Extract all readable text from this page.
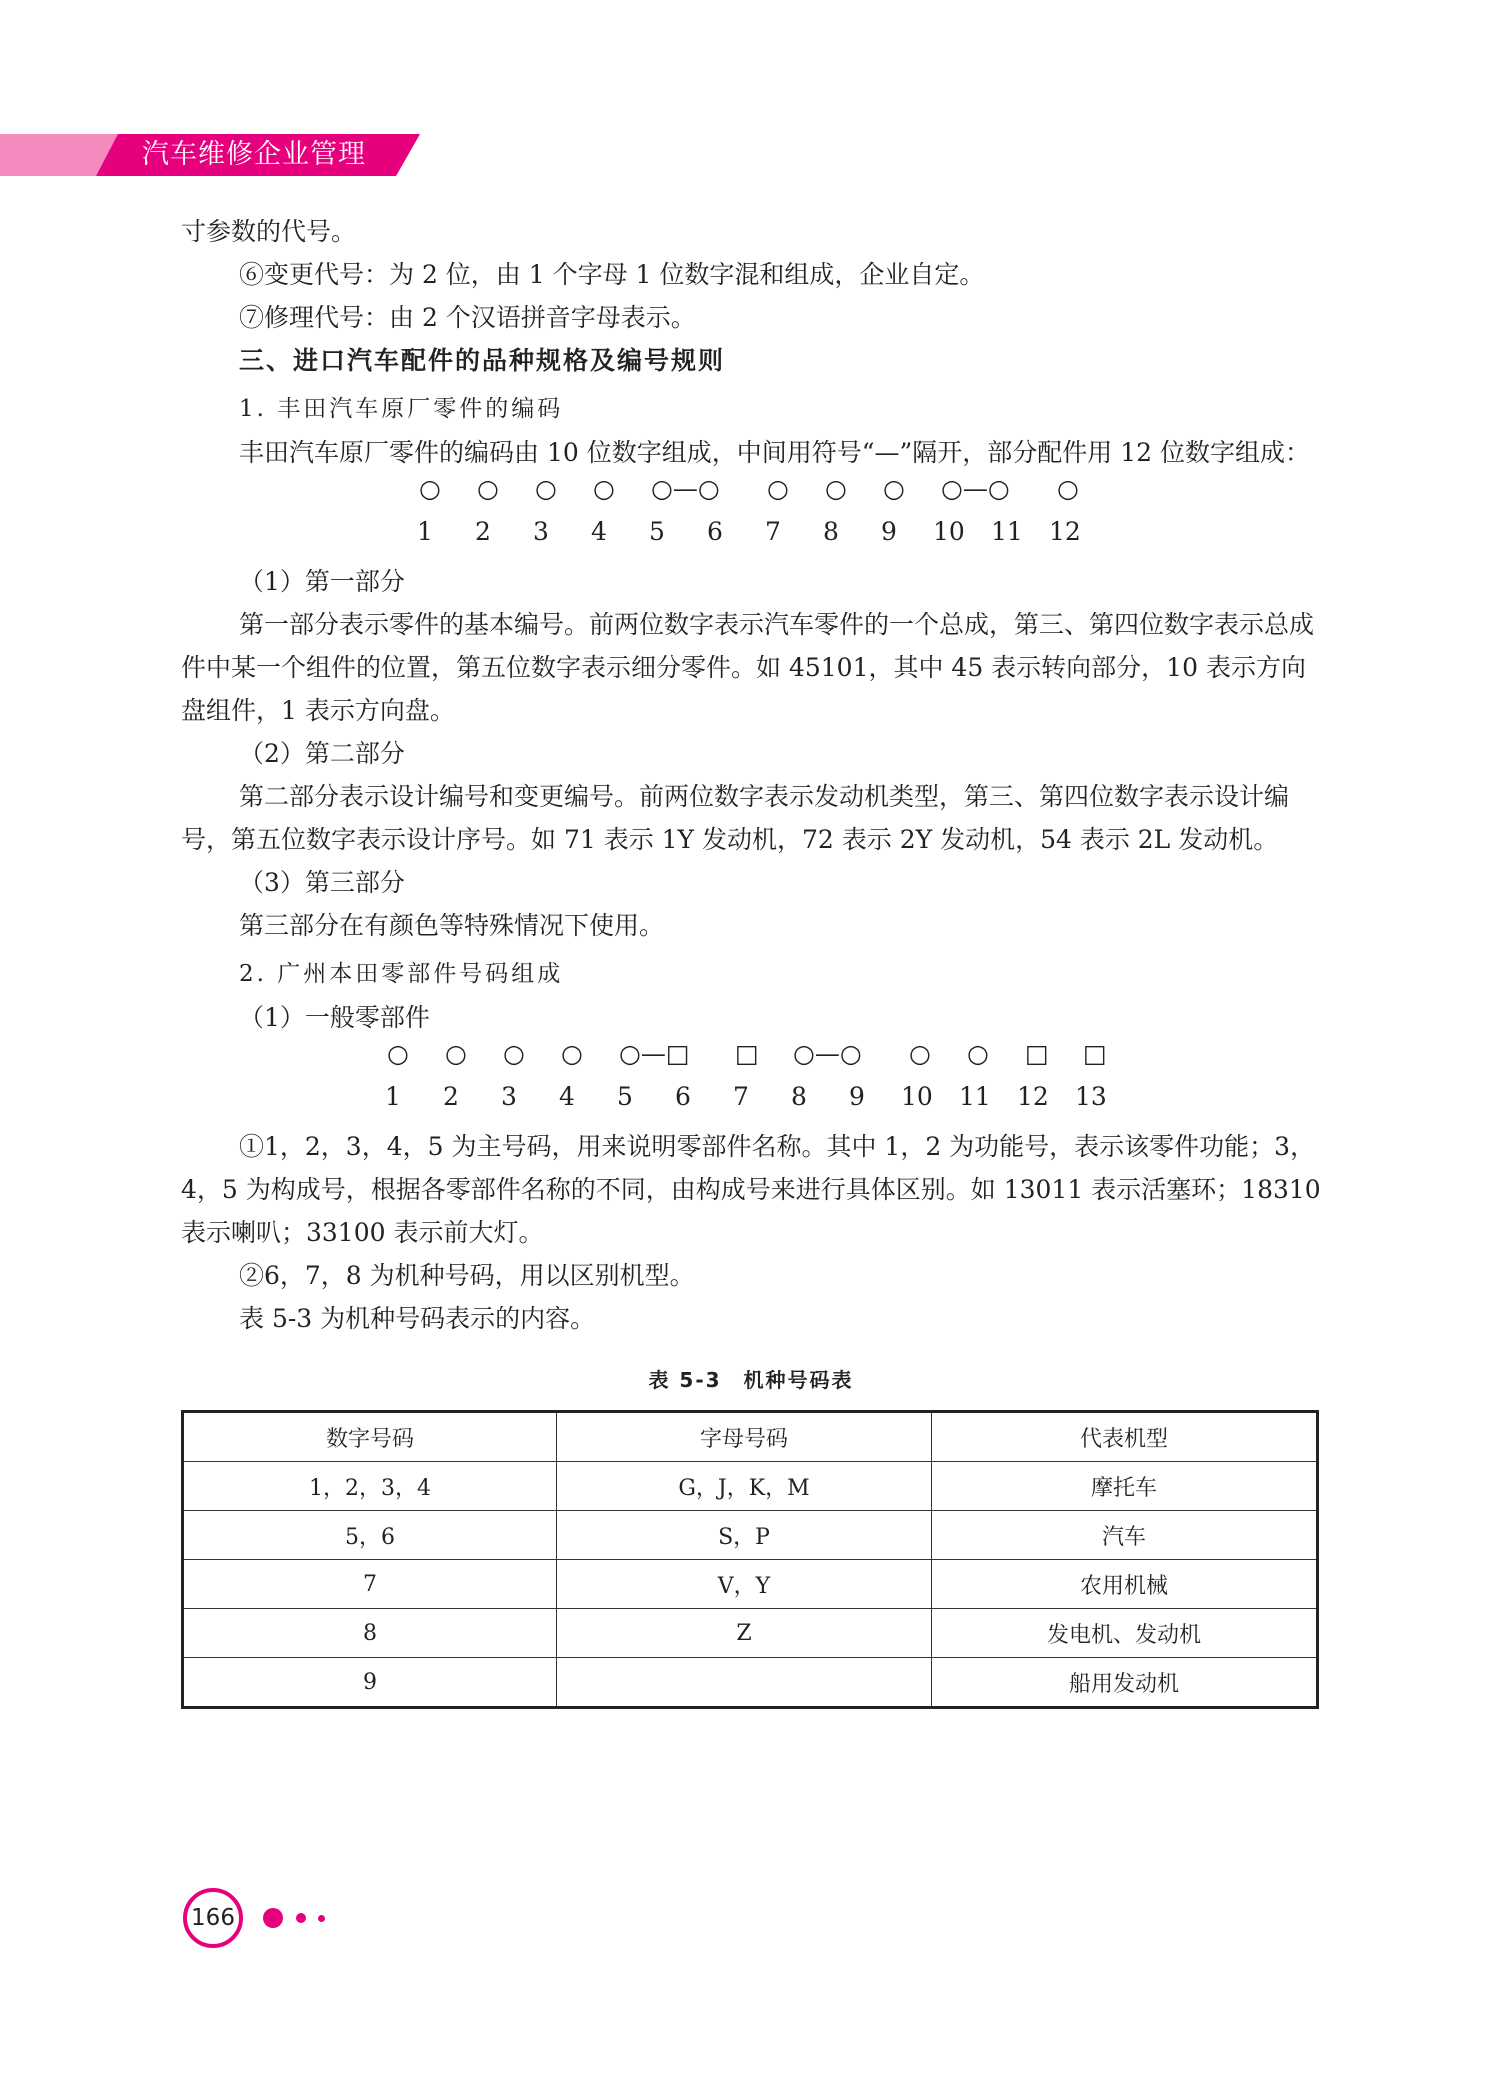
汽车维修企业管理

寸参数的代号。

⑥变更代号：为 2 位，由 1 个字母 1 位数字混和组成，企业自定。

⑦修理代号：由 2 个汉语拼音字母表示。

三、进口汽车配件的品种规格及编号规则

1. 丰田汽车原厂零件的编码

丰田汽车原厂零件的编码由 10 位数字组成，中间用符号“—”隔开，部分配件用 12 位数字组成：

○ ○ ○ ○ ○—○ ○ ○ ○ ○—○ ○
1 2 3 4 5 6 7 8 9 10 11 12

（1）第一部分

第一部分表示零件的基本编号。前两位数字表示汽车零件的一个总成，第三、第四位数字表示总成件中某一个组件的位置，第五位数字表示细分零件。如 45101，其中 45 表示转向部分，10 表示方向盘组件，1 表示方向盘。

（2）第二部分

第二部分表示设计编号和变更编号。前两位数字表示发动机类型，第三、第四位数字表示设计编号，第五位数字表示设计序号。如 71 表示 1Y 发动机，72 表示 2Y 发动机，54 表示 2L 发动机。

（3）第三部分

第三部分在有颜色等特殊情况下使用。

2. 广州本田零部件号码组成

（1）一般零部件

○ ○ ○ ○ ○—□ □ ○—○ ○ ○ □ □
1 2 3 4 5 6 7 8 9 10 11 12 13

①1，2，3，4，5 为主号码，用来说明零部件名称。其中 1，2 为功能号，表示该零件功能；3，4，5 为构成号，根据各零部件名称的不同，由构成号来进行具体区别。如 13011 表示活塞环；18310 表示喇叭；33100 表示前大灯。

②6，7，8 为机种号码，用以区别机型。

表 5-3 为机种号码表示的内容。

表 5-3　机种号码表
数字号码	字母号码	代表机型
1，2，3，4	G，J，K，M	摩托车
5，6	S，P	汽车
7	V，Y	农用机械
8	Z	发电机、发动机
9		船用发动机
166
